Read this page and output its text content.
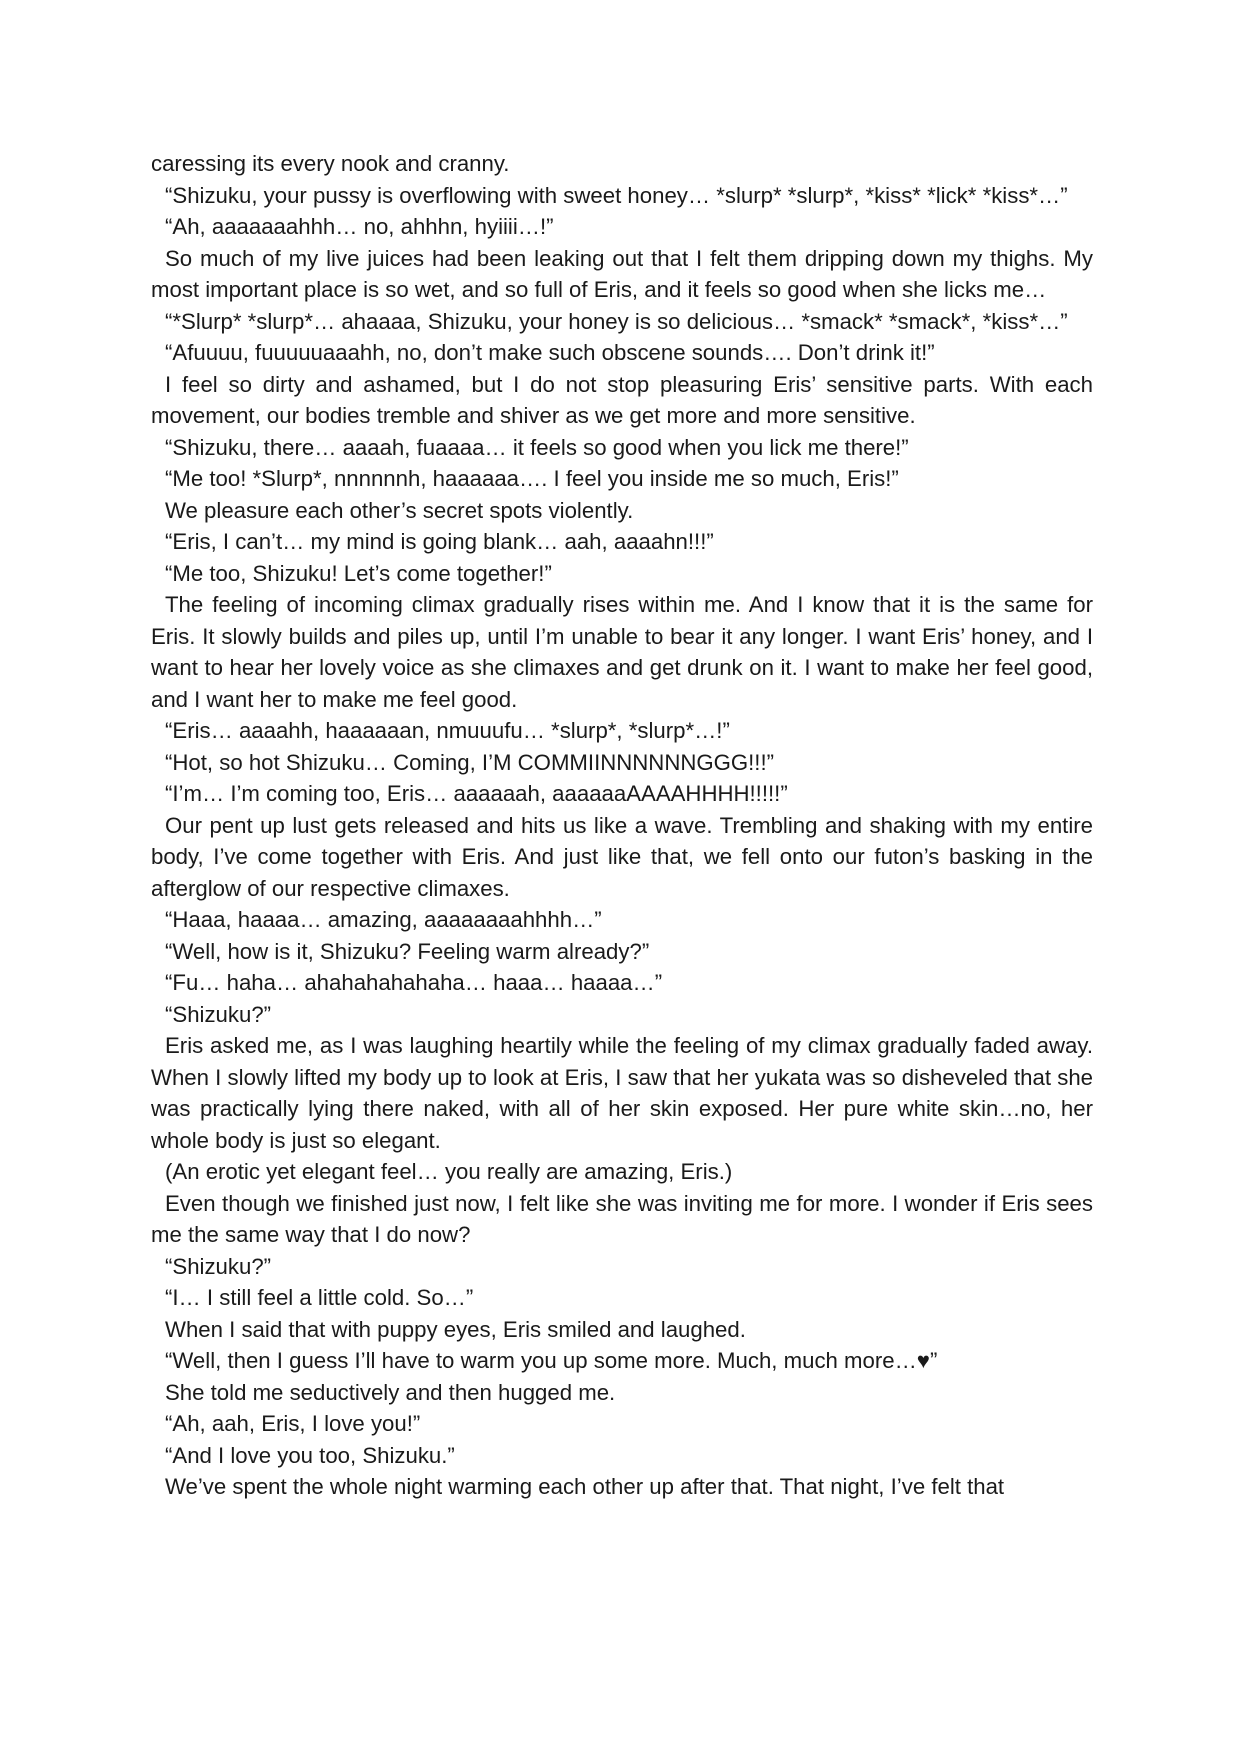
caressing its every nook and cranny.

“Shizuku, your pussy is overflowing with sweet honey… *slurp* *slurp*, *kiss* *lick* *kiss*…”

“Ah, aaaaaaahhh… no, ahhhn, hyiiii…!”

So much of my live juices had been leaking out that I felt them dripping down my thighs. My most important place is so wet, and so full of Eris, and it feels so good when she licks me…

“*Slurp* *slurp*… ahaaaa, Shizuku, your honey is so delicious… *smack* *smack*, *kiss*…”

“Afuuuu, fuuuuuaaahh, no, don’t make such obscene sounds…. Don’t drink it!”

I feel so dirty and ashamed, but I do not stop pleasuring Eris’ sensitive parts. With each movement, our bodies tremble and shiver as we get more and more sensitive.

“Shizuku, there… aaaah, fuaaaa… it feels so good when you lick me there!”

“Me too! *Slurp*, nnnnnnh, haaaaaa…. I feel you inside me so much, Eris!”

We pleasure each other’s secret spots violently.

“Eris, I can’t… my mind is going blank… aah, aaaahn!!!”

“Me too, Shizuku! Let’s come together!”

The feeling of incoming climax gradually rises within me. And I know that it is the same for Eris. It slowly builds and piles up, until I’m unable to bear it any longer. I want Eris’ honey, and I want to hear her lovely voice as she climaxes and get drunk on it. I want to make her feel good, and I want her to make me feel good.

“Eris… aaaahh, haaaaaan, nmuuufu… *slurp*, *slurp*…!”

“Hot, so hot Shizuku… Coming, I’M COMMIINNNNNNGGG!!!”

“I’m… I’m coming too, Eris… aaaaaah, aaaaaaAAAAHHHH!!!!!”

Our pent up lust gets released and hits us like a wave. Trembling and shaking with my entire body, I’ve come together with Eris. And just like that, we fell onto our futon’s basking in the afterglow of our respective climaxes.

“Haaa, haaaa… amazing, aaaaaaaahhhh…”

“Well, how is it, Shizuku? Feeling warm already?”

“Fu… haha… ahahahahahaha… haaa… haaaa…”

“Shizuku?”

Eris asked me, as I was laughing heartily while the feeling of my climax gradually faded away. When I slowly lifted my body up to look at Eris, I saw that her yukata was so disheveled that she was practically lying there naked, with all of her skin exposed. Her pure white skin…no, her whole body is just so elegant.

(An erotic yet elegant feel… you really are amazing, Eris.)

Even though we finished just now, I felt like she was inviting me for more. I wonder if Eris sees me the same way that I do now?

“Shizuku?”

“I… I still feel a little cold. So…”

When I said that with puppy eyes, Eris smiled and laughed.

“Well, then I guess I’ll have to warm you up some more. Much, much more…♥”

She told me seductively and then hugged me.

“Ah, aah, Eris, I love you!”

“And I love you too, Shizuku.”

We’ve spent the whole night warming each other up after that. That night, I’ve felt that
